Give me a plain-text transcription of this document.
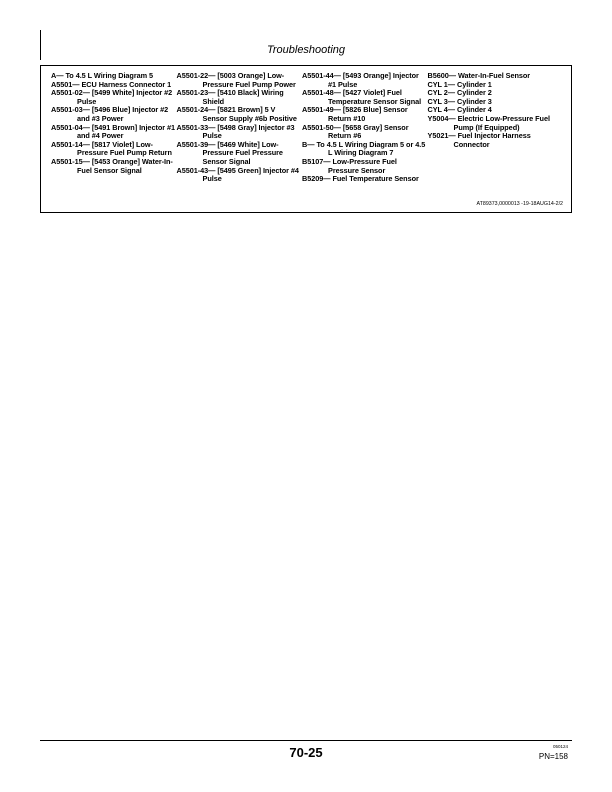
Troubleshooting
A— To 4.5 L Wiring Diagram 5
A5501— ECU Harness Connector 1
A5501-02— [5499 White] Injector #2 Pulse
A5501-03— [5496 Blue] Injector #2 and #3 Power
A5501-04— [5491 Brown] Injector #1 and #4 Power
A5501-14— [5817 Violet] Low-Pressure Fuel Pump Return
A5501-15— [5453 Orange] Water-In-Fuel Sensor Signal
A5501-22— [5003 Orange] Low-Pressure Fuel Pump Power
A5501-23— [5410 Black] Wiring Shield
A5501-24— [5821 Brown] 5 V Sensor Supply #6b Positive
A5501-33— [5498 Gray] Injector #3 Pulse
A5501-39— [5469 White] Low-Pressure Fuel Pressure Sensor Signal
A5501-43— [5495 Green] Injector #4 Pulse
A5501-44— [5493 Orange] Injector #1 Pulse
A5501-48— [5427 Violet] Fuel Temperature Sensor Signal
A5501-49— [5826 Blue] Sensor Return #10
A5501-50— [5658 Gray] Sensor Return #6
B— To 4.5 L Wiring Diagram 5 or 4.5 L Wiring Diagram 7
B5107— Low-Pressure Fuel Pressure Sensor
B5209— Fuel Temperature Sensor
B5600— Water-In-Fuel Sensor
CYL 1— Cylinder 1
CYL 2— Cylinder 2
CYL 3— Cylinder 3
CYL 4— Cylinder 4
Y5004— Electric Low-Pressure Fuel Pump (If Equipped)
Y5021— Fuel Injector Harness Connector
AT89373,0000013 -19-18AUG14-2/2
70-25	050124
PN=158
